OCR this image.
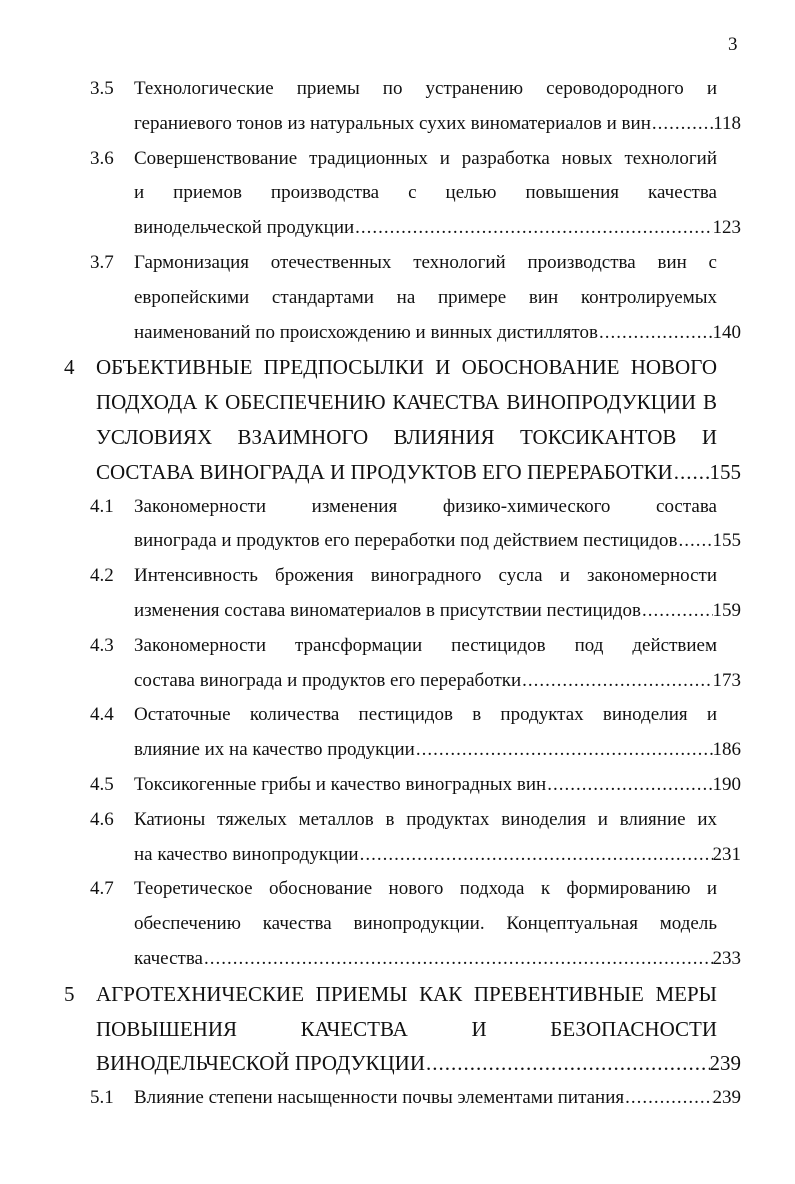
3
3.5 Технологические приемы по устранению сероводородного и
гераниевого тонов из натуральных сухих виноматериалов и вин .....	118
3.6 Совершенствование традиционных и разработка новых технологий
и приемов производства с целью повышения качества
винодельческой продукции .....	123
3.7 Гармонизация отечественных технологий производства вин с
европейскими стандартами на примере вин контролируемых
наименований по происхождению и винных дистиллятов .....	140
4 ОБЪЕКТИВНЫЕ ПРЕДПОСЫЛКИ И ОБОСНОВАНИЕ НОВОГО
ПОДХОДА К ОБЕСПЕЧЕНИЮ КАЧЕСТВА ВИНОПРОДУКЦИИ В
УСЛОВИЯХ ВЗАИМНОГО ВЛИЯНИЯ ТОКСИКАНТОВ И
СОСТАВА ВИНОГРАДА И ПРОДУКТОВ ЕГО ПЕРЕРАБОТКИ ..... 155
4.1 Закономерности изменения физико-химического состава
винограда и продуктов его переработки под действием пестицидов ..... 155
4.2 Интенсивность брожения виноградного сусла и закономерности
изменения состава виноматериалов в присутствии пестицидов .....	159
4.3 Закономерности трансформации пестицидов под действием
состава винограда и продуктов его переработки .....	173
4.4 Остаточные количества пестицидов в продуктах виноделия и
влияние их на качество продукции .....	186
4.5 Токсикогенные грибы и качество виноградных вин .....	190
4.6 Катионы тяжелых металлов в продуктах виноделия и влияние их
на качество винопродукции .....	231
4.7 Теоретическое обоснование нового подхода к формированию и
обеспечению качества винопродукции. Концептуальная модель
качества .....	233
5 АГРОТЕХНИЧЕСКИЕ ПРИЕМЫ КАК ПРЕВЕНТИВНЫЕ МЕРЫ
ПОВЫШЕНИЯ КАЧЕСТВА И БЕЗОПАСНОСТИ
ВИНОДЕЛЬЧЕСКОЙ ПРОДУКЦИИ .....	239
5.1 Влияние степени насыщенности почвы элементами питания .....	239
